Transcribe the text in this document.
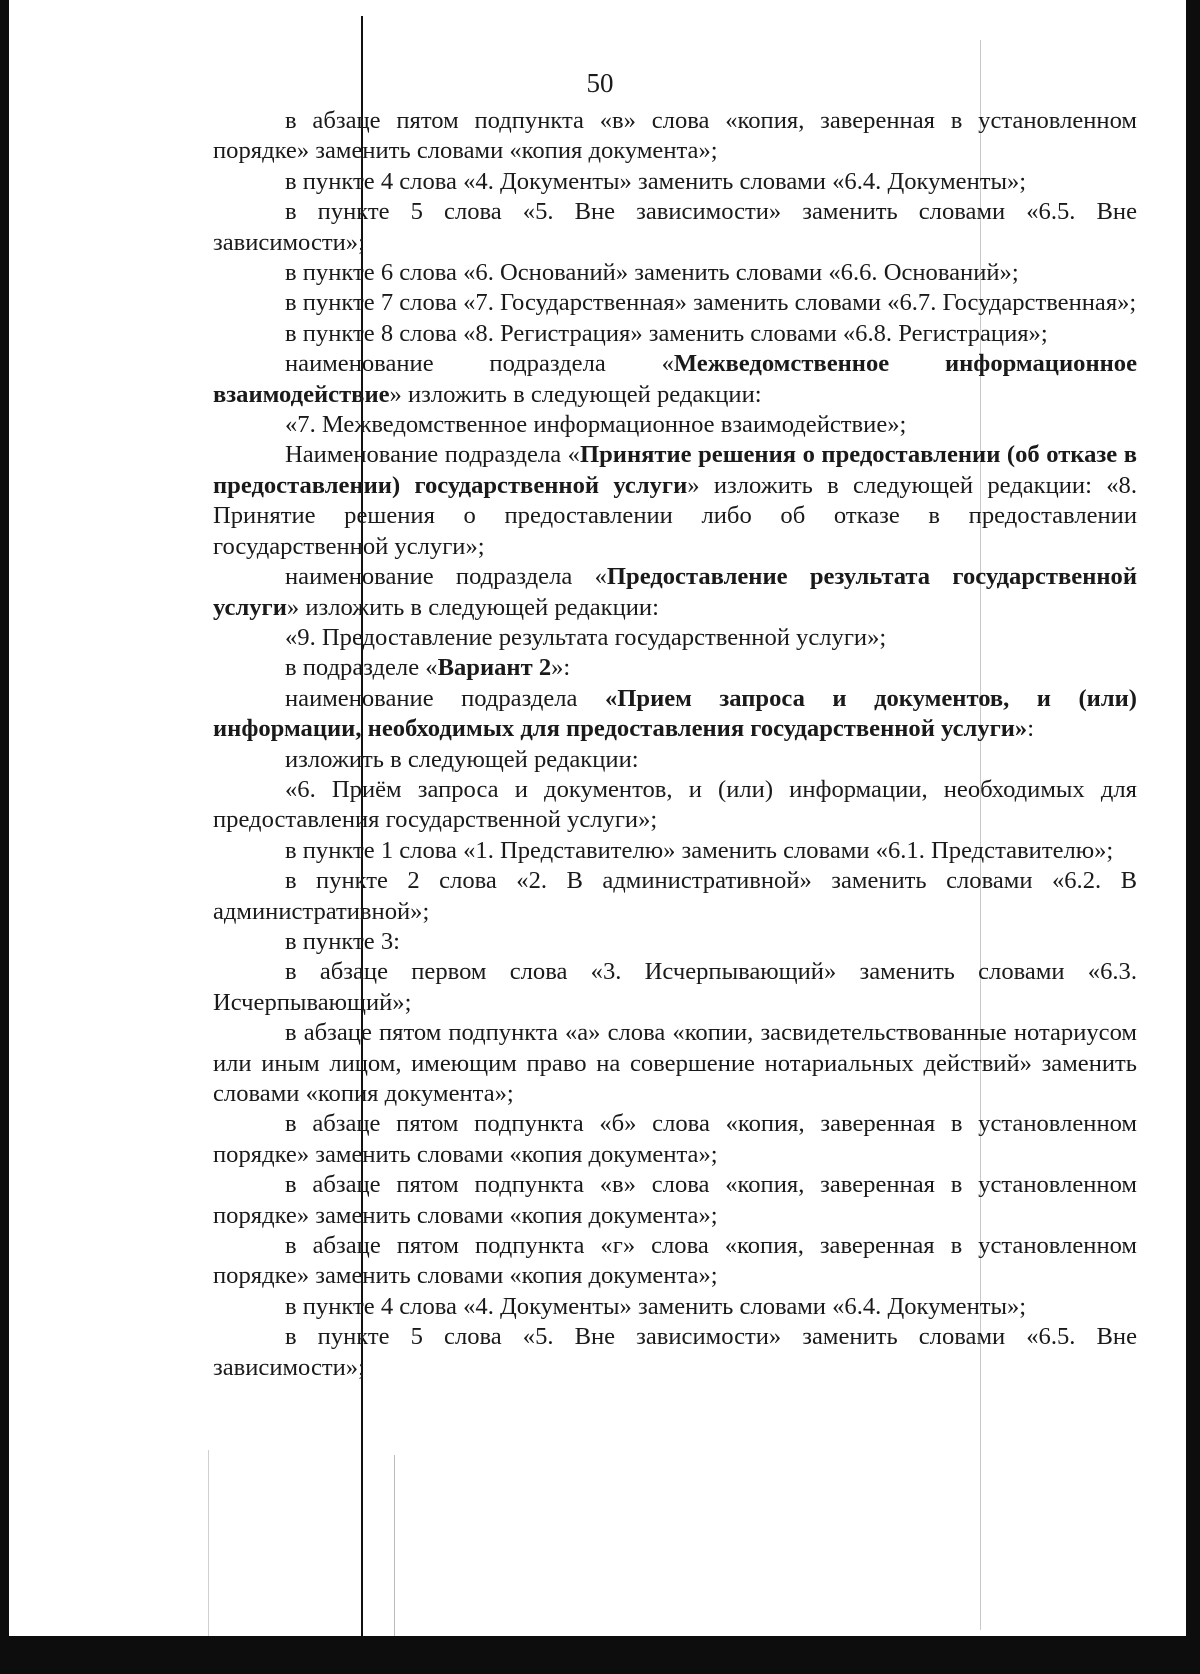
50

в абзаце пятом подпункта «в» слова «копия, заверенная в установленном порядке» заменить словами «копия документа»;

в пункте 4 слова «4. Документы» заменить словами «6.4. Документы»;

в пункте 5 слова «5. Вне зависимости» заменить словами «6.5. Вне зависимости»;

в пункте 6 слова «6. Оснований» заменить словами «6.6. Оснований»;

в пункте 7 слова «7. Государственная» заменить словами «6.7. Государственная»;

в пункте 8 слова «8. Регистрация» заменить словами «6.8. Регистрация»;

наименование подраздела «Межведомственное информационное взаимодействие» изложить в следующей редакции:

«7. Межведомственное информационное взаимодействие»;

Наименование подраздела «Принятие решения о предоставлении (об отказе в предоставлении) государственной услуги» изложить в следующей редакции: «8. Принятие решения о предоставлении либо об отказе в предоставлении государственной услуги»;

наименование подраздела «Предоставление результата государственной услуги» изложить в следующей редакции:

«9. Предоставление результата государственной услуги»;

в подразделе «Вариант 2»:

наименование подраздела «Прием запроса и документов, и (или) информации, необходимых для предоставления государственной услуги»:

изложить в следующей редакции:

«6. Приём запроса и документов, и (или) информации, необходимых для предоставления государственной услуги»;

в пункте 1 слова «1. Представителю» заменить словами «6.1. Представителю»;

в пункте 2 слова «2. В административной» заменить словами «6.2. В административной»;

в пункте 3:

в абзаце первом слова «3. Исчерпывающий» заменить словами «6.3. Исчерпывающий»;

в абзаце пятом подпункта «а» слова «копии, засвидетельствованные нотариусом или иным лицом, имеющим право на совершение нотариальных действий» заменить словами «копия документа»;

в абзаце пятом подпункта «б» слова «копия, заверенная в установленном порядке» заменить словами «копия документа»;

в абзаце пятом подпункта «в» слова «копия, заверенная в установленном порядке» заменить словами «копия документа»;

в абзаце пятом подпункта «г» слова «копия, заверенная в установленном порядке» заменить словами «копия документа»;

в пункте 4 слова «4. Документы» заменить словами «6.4. Документы»;

в пункте 5 слова «5. Вне зависимости» заменить словами «6.5. Вне зависимости»;
